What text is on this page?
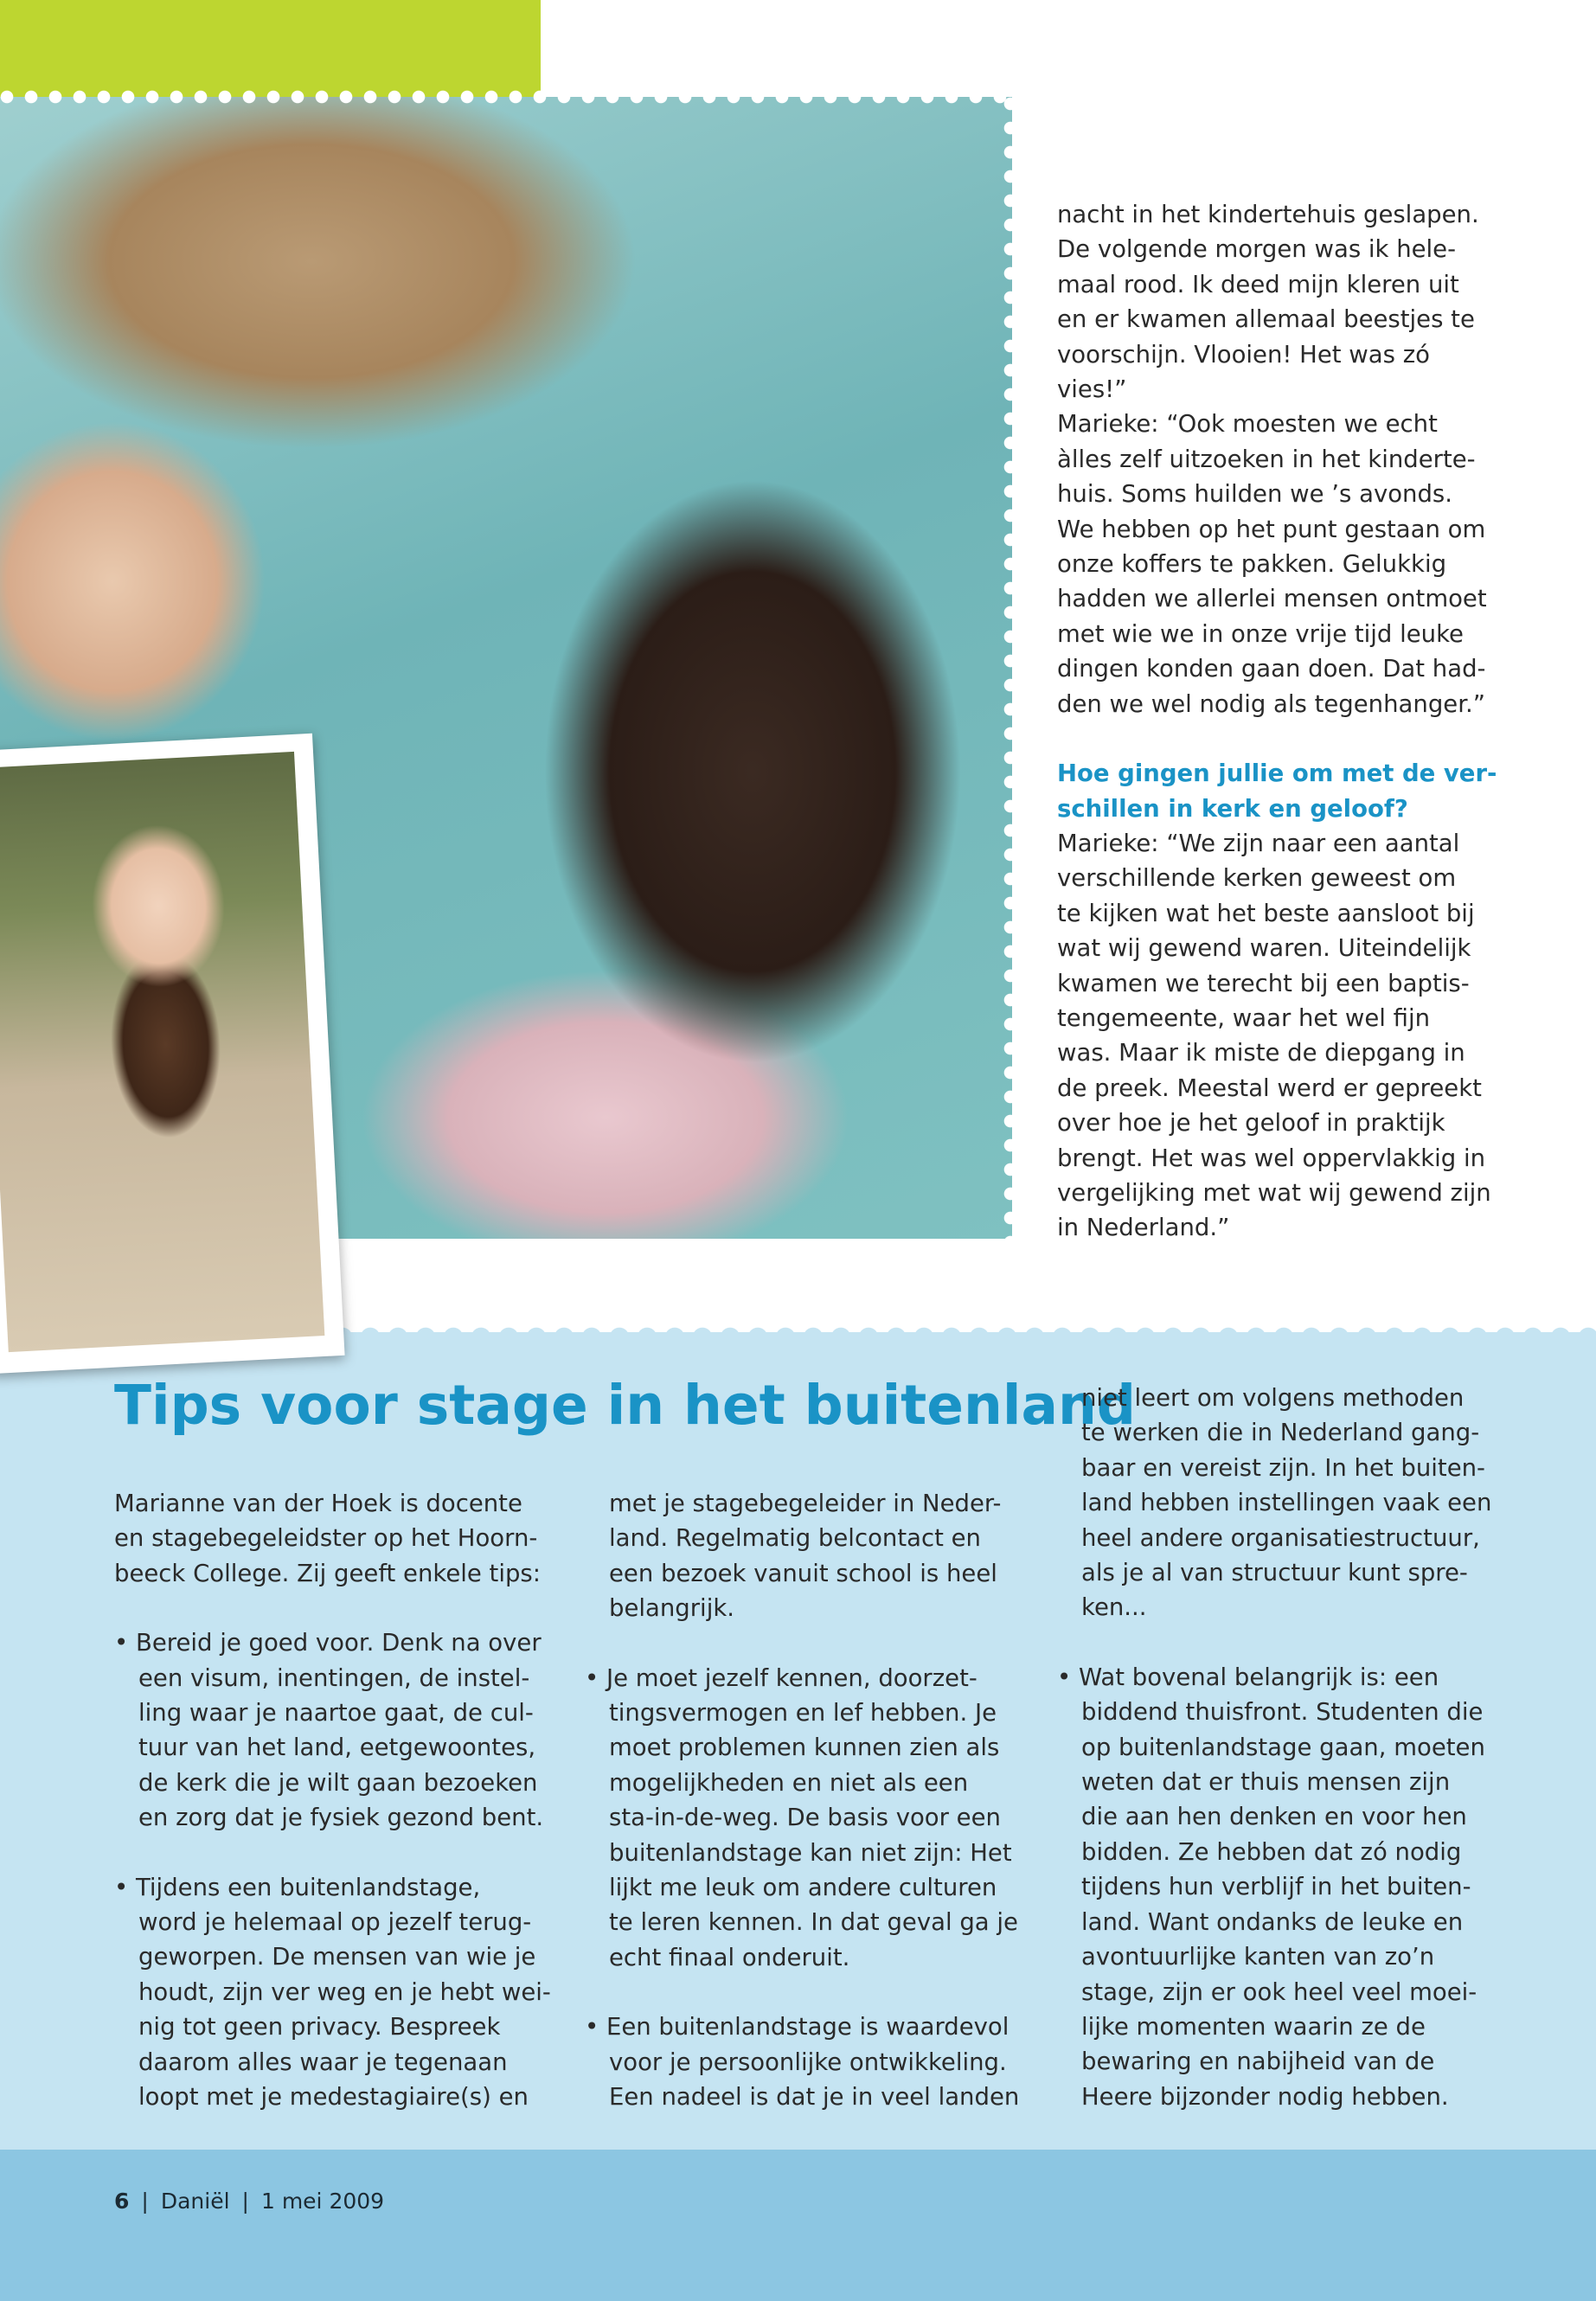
nacht in het kindertehuis geslapen.
De volgende morgen was ik hele-
maal rood. Ik deed mijn kleren uit
en er kwamen allemaal beestjes te
voorschijn. Vlooien! Het was zó
vies!”

Marieke: “Ook moesten we echt
àlles zelf uitzoeken in het kinderte-
huis. Soms huilden we ’s avonds.
We hebben op het punt gestaan om
onze koffers te pakken. Gelukkig
hadden we allerlei mensen ontmoet
met wie we in onze vrije tijd leuke
dingen konden gaan doen. Dat had-
den we wel nodig als tegenhanger.”

Hoe gingen jullie om met de ver-
schillen in kerk en geloof?

Marieke: “We zijn naar een aantal
verschillende kerken geweest om
te kijken wat het beste aansloot bij
wat wij gewend waren. Uiteindelijk
kwamen we terecht bij een baptis-
tengemeente, waar het wel fijn
was. Maar ik miste de diepgang in
de preek. Meestal werd er gepreekt
over hoe je het geloof in praktijk
brengt. Het was wel oppervlakkig in
vergelijking met wat wij gewend zijn
in Nederland.”

Tips voor stage in het buitenland

Marianne van der Hoek is docente
en stagebegeleidster op het Hoorn-
beeck College. Zij geeft enkele tips:

• Bereid je goed voor. Denk na over
een visum, inentingen, de instel-
ling waar je naartoe gaat, de cul-
tuur van het land, eetgewoontes,
de kerk die je wilt gaan bezoeken
en zorg dat je fysiek gezond bent.

• Tijdens een buitenlandstage,
word je helemaal op jezelf terug-
geworpen. De mensen van wie je
houdt, zijn ver weg en je hebt wei-
nig tot geen privacy. Bespreek
daarom alles waar je tegenaan
loopt met je medestagiaire(s) en

met je stagebegeleider in Neder-
land. Regelmatig belcontact en
een bezoek vanuit school is heel
belangrijk.

• Je moet jezelf kennen, doorzet-
tingsvermogen en lef hebben. Je
moet problemen kunnen zien als
mogelijkheden en niet als een
sta-in-de-weg. De basis voor een
buitenlandstage kan niet zijn: Het
lijkt me leuk om andere culturen
te leren kennen. In dat geval ga je
echt finaal onderuit.

• Een buitenlandstage is waardevol
voor je persoonlijke ontwikkeling.
Een nadeel is dat je in veel landen

niet leert om volgens methoden
te werken die in Nederland gang-
baar en vereist zijn. In het buiten-
land hebben instellingen vaak een
heel andere organisatiestructuur,
als je al van structuur kunt spre-
ken...

• Wat bovenal belangrijk is: een
biddend thuisfront. Studenten die
op buitenlandstage gaan, moeten
weten dat er thuis mensen zijn
die aan hen denken en voor hen
bidden. Ze hebben dat zó nodig
tijdens hun verblijf in het buiten-
land. Want ondanks de leuke en
avontuurlijke kanten van zo’n
stage, zijn er ook heel veel moei-
lijke momenten waarin ze de
bewaring en nabijheid van de
Heere bijzonder nodig hebben.

6 | Daniël | 1 mei 2009
